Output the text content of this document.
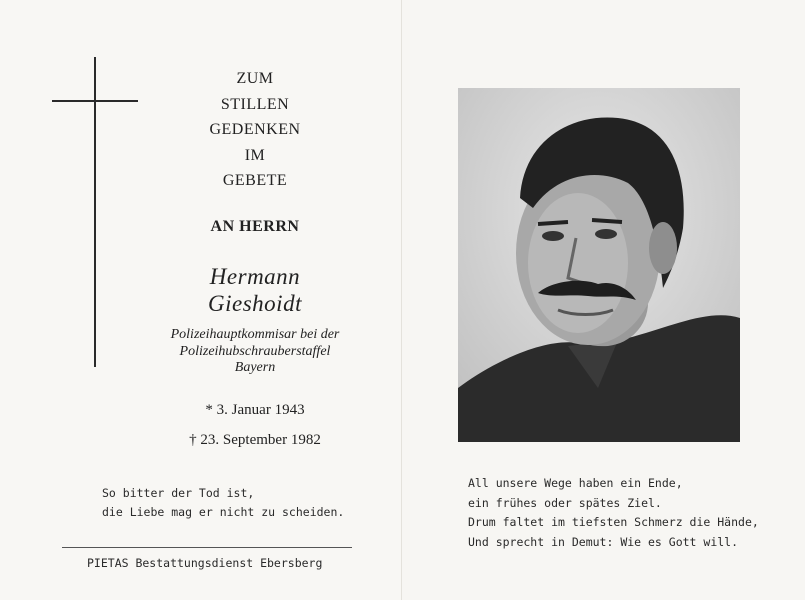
ZUM
STILLEN
GEDENKEN
IM
GEBETE
AN HERRN
Hermann
Gieshoidt
Polizeihauptkommisar bei der
Polizeihubschrauberstaffel
Bayern
* 3. Januar 1943
† 23. September 1982
So bitter der Tod ist,
die Liebe mag er nicht zu scheiden.
PIETAS Bestattungsdienst Ebersberg
All unsere Wege haben ein Ende,
ein frühes oder spätes Ziel.
Drum faltet im tiefsten Schmerz die Hände,
Und sprecht in Demut: Wie es Gott will.
